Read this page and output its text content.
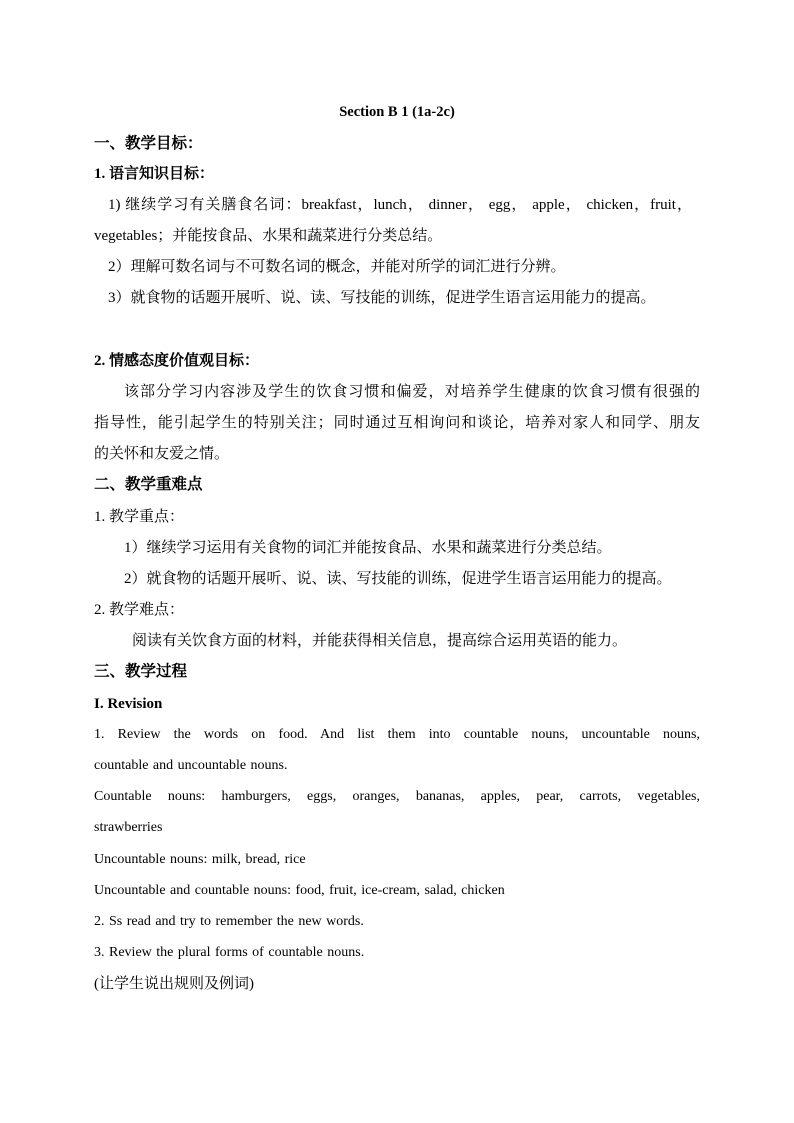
Section B 1 (1a-2c)
一、教学目标：
1. 语言知识目标：
1) 继续学习有关膳食名词：breakfast，lunch， dinner， egg， apple， chicken，fruit，
vegetables；并能按食品、水果和蔬菜进行分类总结。
2）理解可数名词与不可数名词的概念，并能对所学的词汇进行分辨。
3）就食物的话题开展听、说、读、写技能的训练，促进学生语言运用能力的提高。
2. 情感态度价值观目标：
该部分学习内容涉及学生的饮食习惯和偏爱，对培养学生健康的饮食习惯有很强的
指导性，能引起学生的特别关注；同时通过互相询问和谈论，培养对家人和同学、朋友
的关怀和友爱之情。
二、教学重难点
1. 教学重点：
1）继续学习运用有关食物的词汇并能按食品、水果和蔬菜进行分类总结。
2）就食物的话题开展听、说、读、写技能的训练，促进学生语言运用能力的提高。
2. 教学难点：
阅读有关饮食方面的材料，并能获得相关信息，提高综合运用英语的能力。
三、教学过程
I. Revision
1. Review the words on food. And list them into countable nouns, uncountable nouns,
countable and uncountable nouns.
Countable nouns: hamburgers, eggs, oranges, bananas, apples, pear, carrots, vegetables,
strawberries
Uncountable nouns: milk, bread, rice
Uncountable and countable nouns: food, fruit, ice-cream, salad, chicken
2. Ss read and try to remember the new words.
3. Review the plural forms of countable nouns.
(让学生说出规则及例词)
